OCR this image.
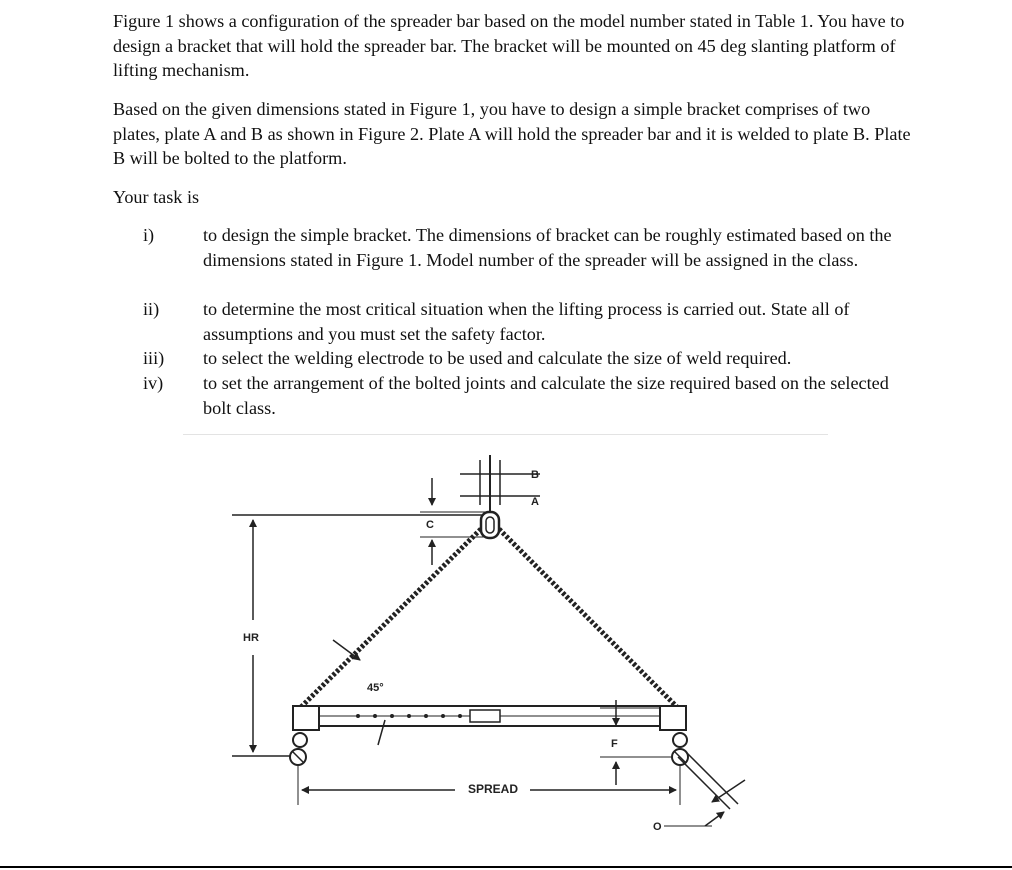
Figure 1 shows a configuration of the spreader bar based on the model number stated in Table 1. You have to design a bracket that will hold the spreader bar. The bracket will be mounted on 45 deg slanting platform of lifting mechanism.

Based on the given dimensions stated in Figure 1, you have to design a simple bracket comprises of two plates, plate A and B as shown in Figure 2. Plate A will hold the spreader bar and it is welded to plate B. Plate B will be bolted to the platform.

Your task is

i)	to design the simple bracket. The dimensions of bracket can be roughly estimated based on the dimensions stated in Figure 1. Model number of the spreader will be assigned in the class.
ii) to determine the most critical situation when the lifting process is carried out. State all of assumptions and you must set the safety factor.
iii) to select the welding electrode to be used and calculate the size of weld required.
iv) to set the arrangement of the bolted joints and calculate the size required based on the selected bolt class.
B
A
C
HR
45°
F
SPREAD
O
